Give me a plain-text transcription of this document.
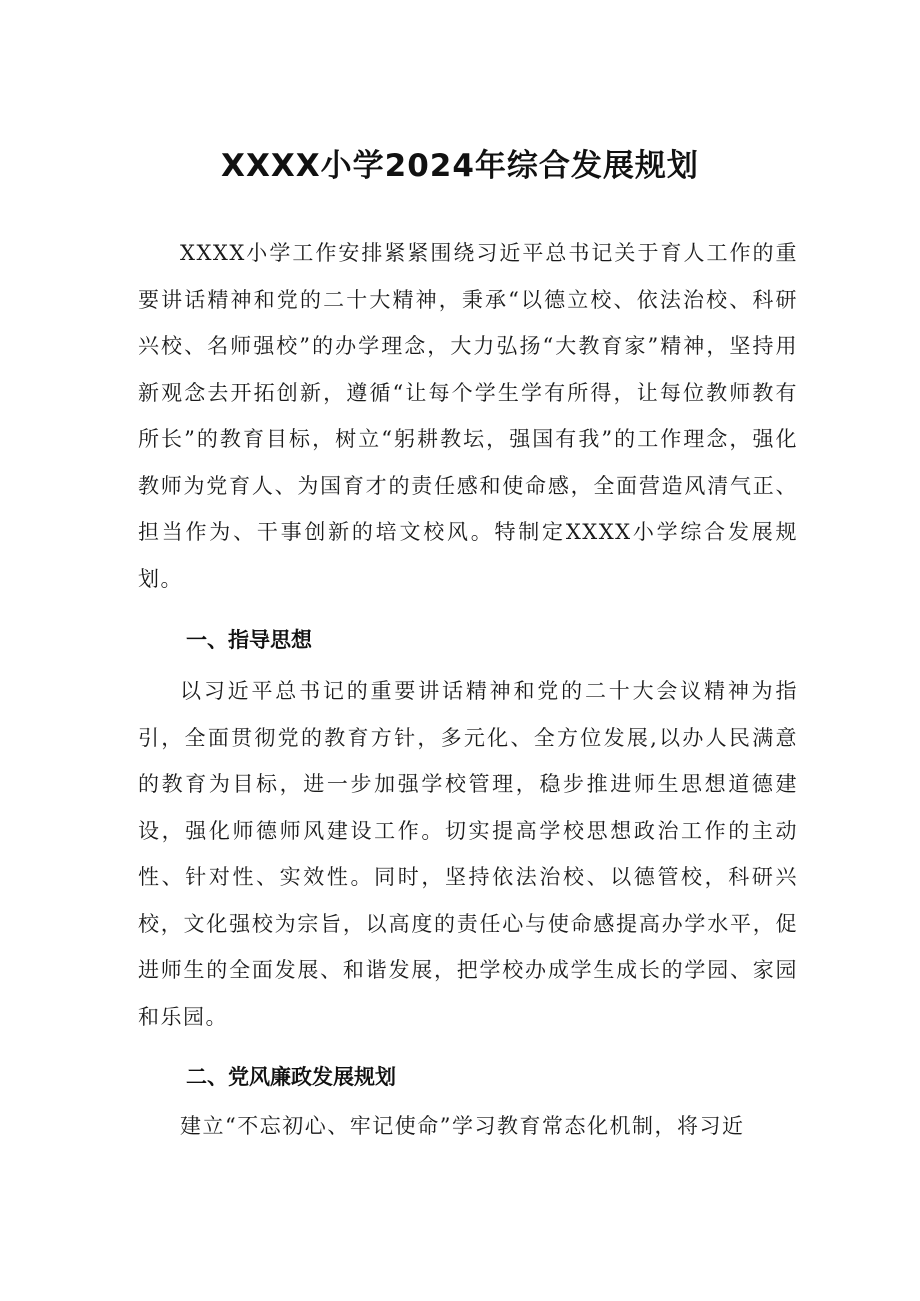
XXXX小学2024年综合发展规划

XXXX小学工作安排紧紧围绕习近平总书记关于育人工作的重要讲话精神和党的二十大精神，秉承“以德立校、依法治校、科研兴校、名师强校”的办学理念，大力弘扬“大教育家”精神，坚持用新观念去开拓创新，遵循“让每个学生学有所得，让每位教师教有所长”的教育目标，树立“躬耕教坛，强国有我”的工作理念，强化教师为党育人、为国育才的责任感和使命感，全面营造风清气正、担当作为、干事创新的培文校风。特制定XXXX小学综合发展规划。

一、指导思想

以习近平总书记的重要讲话精神和党的二十大会议精神为指引，全面贯彻党的教育方针，多元化、全方位发展,以办人民满意的教育为目标，进一步加强学校管理，稳步推进师生思想道德建设，强化师德师风建设工作。切实提高学校思想政治工作的主动性、针对性、实效性。同时，坚持依法治校、以德管校，科研兴校，文化强校为宗旨，以高度的责任心与使命感提高办学水平，促进师生的全面发展、和谐发展，把学校办成学生成长的学园、家园和乐园。

二、党风廉政发展规划

建立“不忘初心、牢记使命”学习教育常态化机制，将习近
